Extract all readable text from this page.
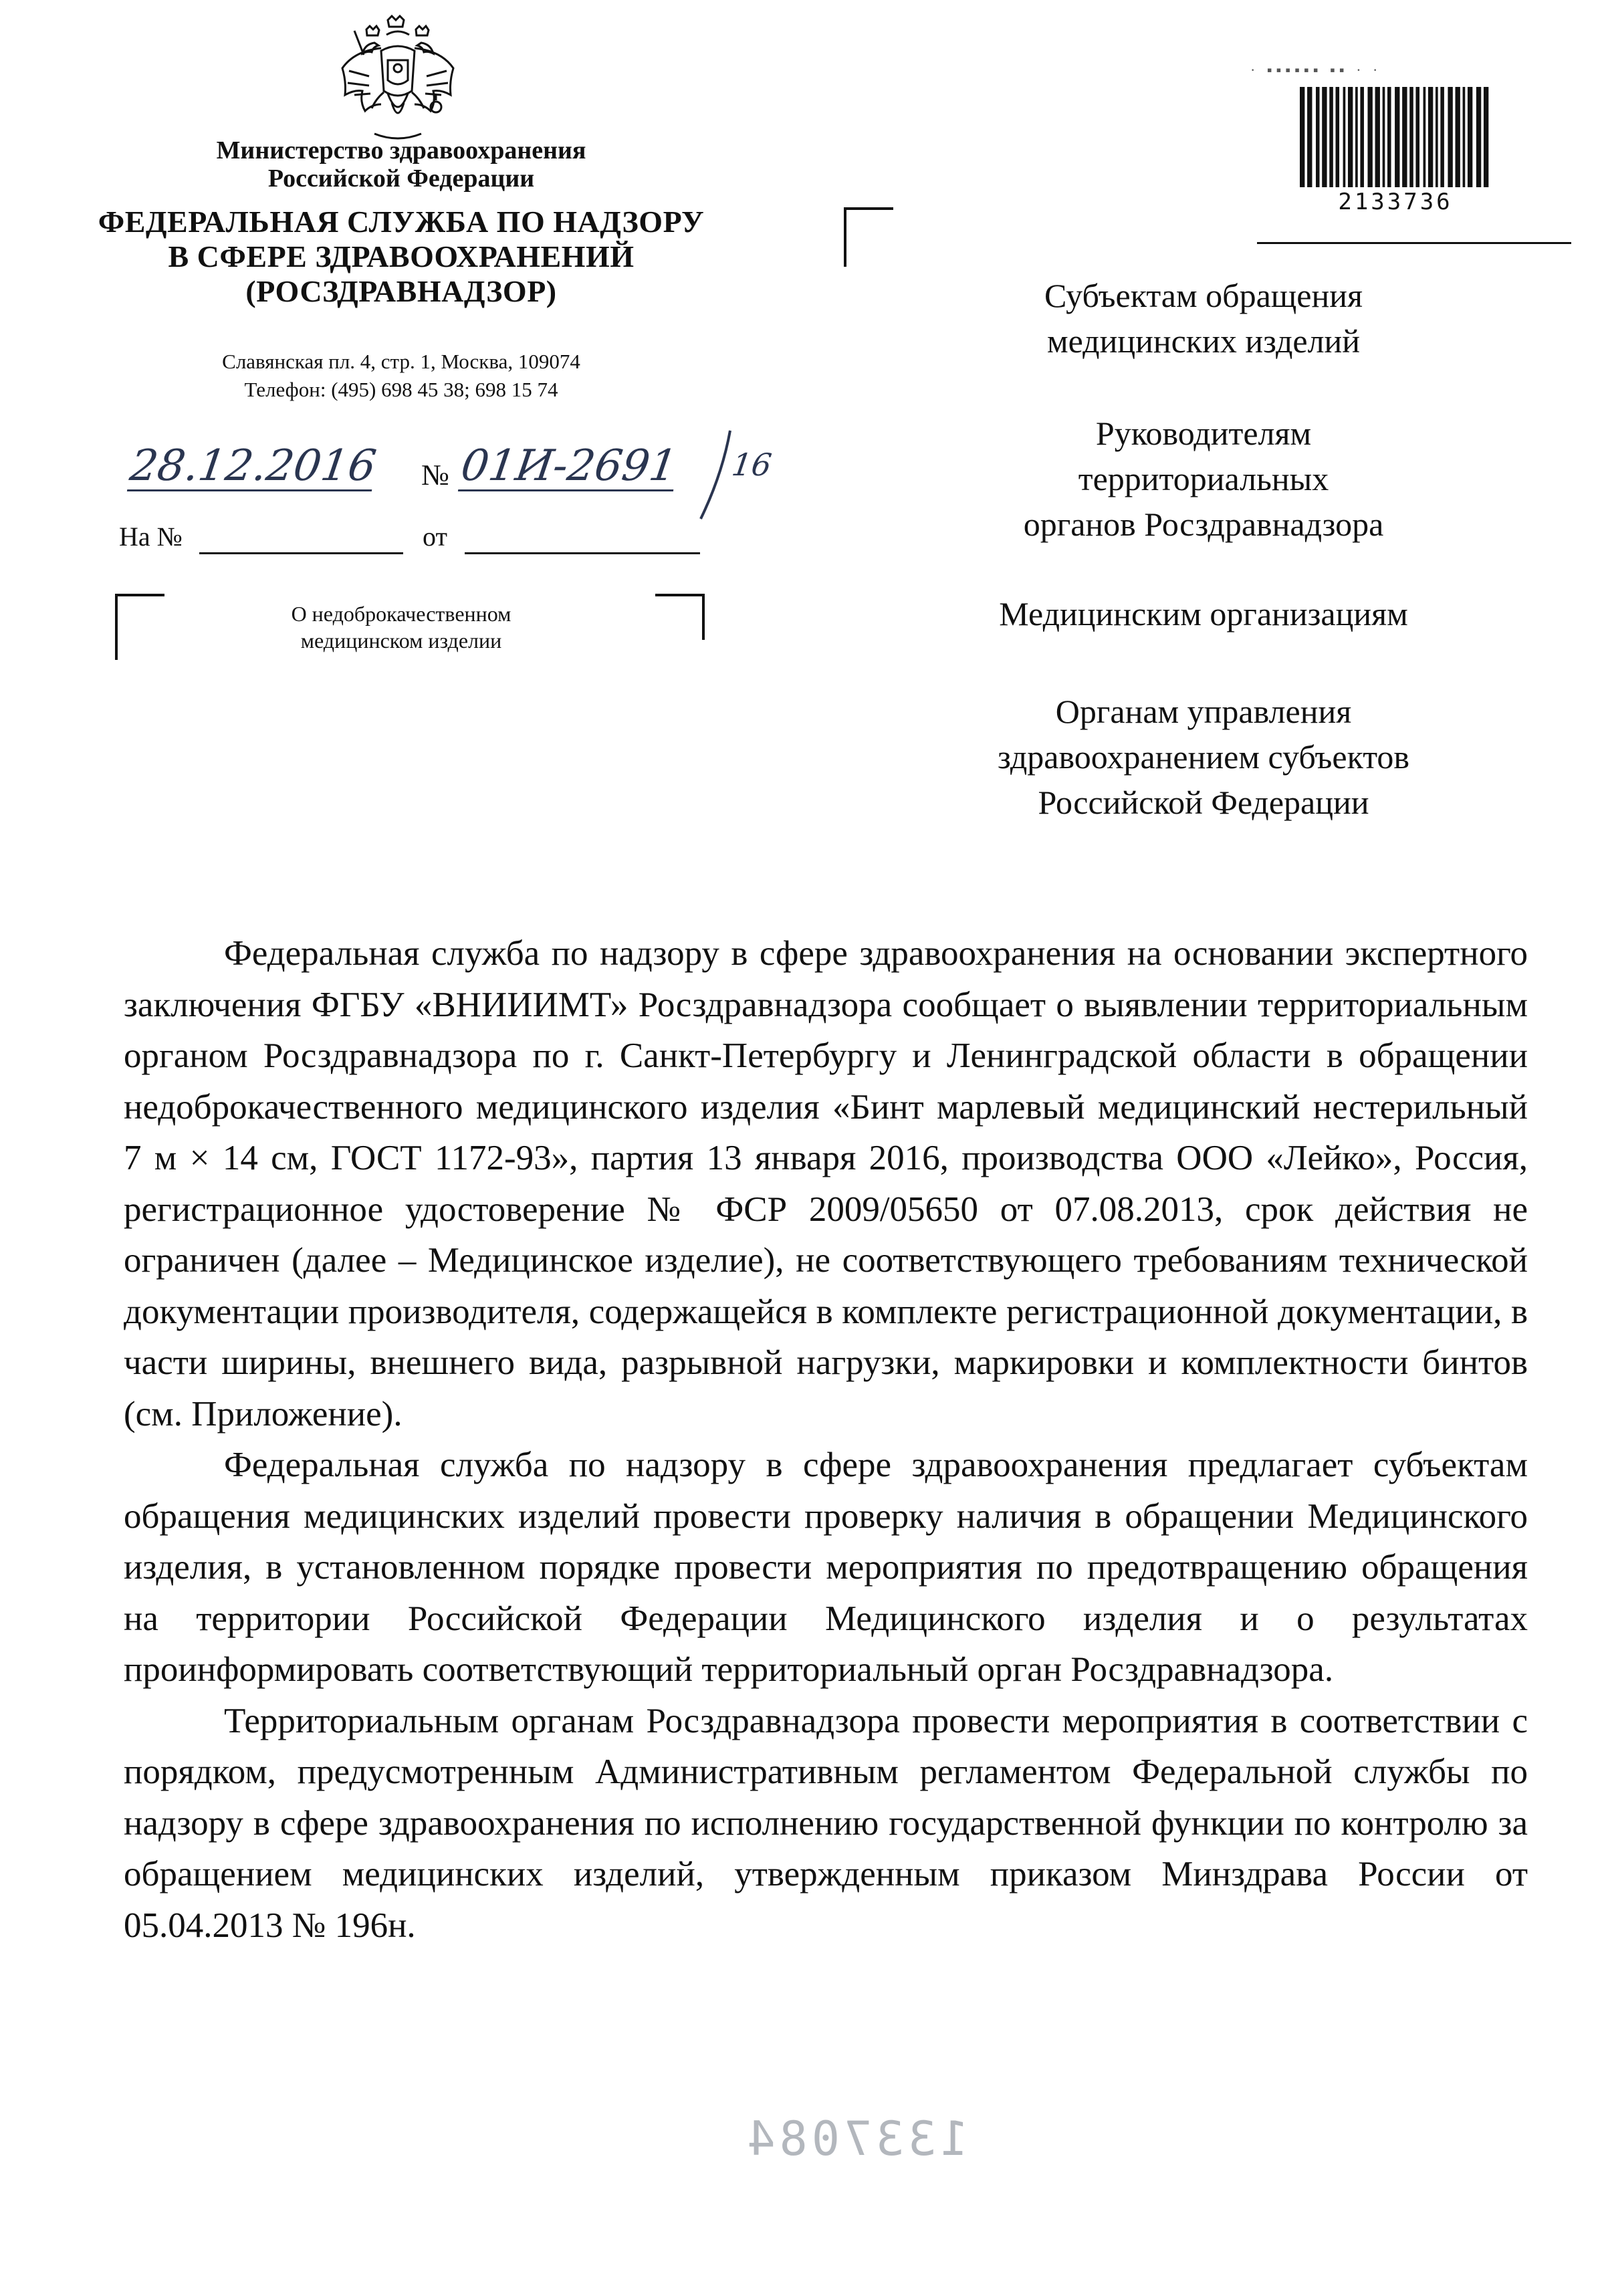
Министерство здравоохранения
Российской Федерации
ФЕДЕРАЛЬНАЯ СЛУЖБА ПО НАДЗОРУ
В СФЕРЕ ЗДРАВООХРАНЕНИЙ
(РОСЗДРАВНАДЗОР)
Славянская пл. 4, стр. 1, Москва, 109074
Телефон: (495) 698 45 38; 698 15 74
28.12.2016 № 01И-2691 16
На №	от
О недоброкачественном
медицинском изделии
· ▪▪▪▪▪▪ ▪▪ · ·
2133736
Субъектам обращения
медицинских изделий
Руководителям
территориальных
органов Росздравнадзора
Медицинским организациям
Органам управления
здравоохранением субъектов
Российской Федерации

Федеральная служба по надзору в сфере здравоохранения на основании экспертного заключения ФГБУ «ВНИИИМТ» Росздравнадзора сообщает о выявлении территориальным органом Росздравнадзора по г. Санкт-Петербургу и Ленинградской области в обращении недоброкачественного медицинского изделия «Бинт марлевый медицинский нестерильный 7 м × 14 см, ГОСТ 1172-93», партия 13 января 2016, производства ООО «Лейко», Россия, регистрационное удостоверение № ФСР 2009/05650 от 07.08.2013, срок действия не ограничен (далее – Медицинское изделие), не соответствующего требованиям технической документации производителя, содержащейся в комплекте регистрационной документации, в части ширины, внешнего вида, разрывной нагрузки, маркировки и комплектности бинтов (см. Приложение).

Федеральная служба по надзору в сфере здравоохранения предлагает субъектам обращения медицинских изделий провести проверку наличия в обращении Медицинского изделия, в установленном порядке провести мероприятия по предотвращению обращения на территории Российской Федерации Медицинского изделия и о результатах проинформировать соответствующий территориальный орган Росздравнадзора.

Территориальным органам Росздравнадзора провести мероприятия в соответствии с порядком, предусмотренным Административным регламентом Федеральной службы по надзору в сфере здравоохранения по исполнению государственной функции по контролю за обращением медицинских изделий, утвержденным приказом Минздрава России от 05.04.2013 № 196н.

1337084
